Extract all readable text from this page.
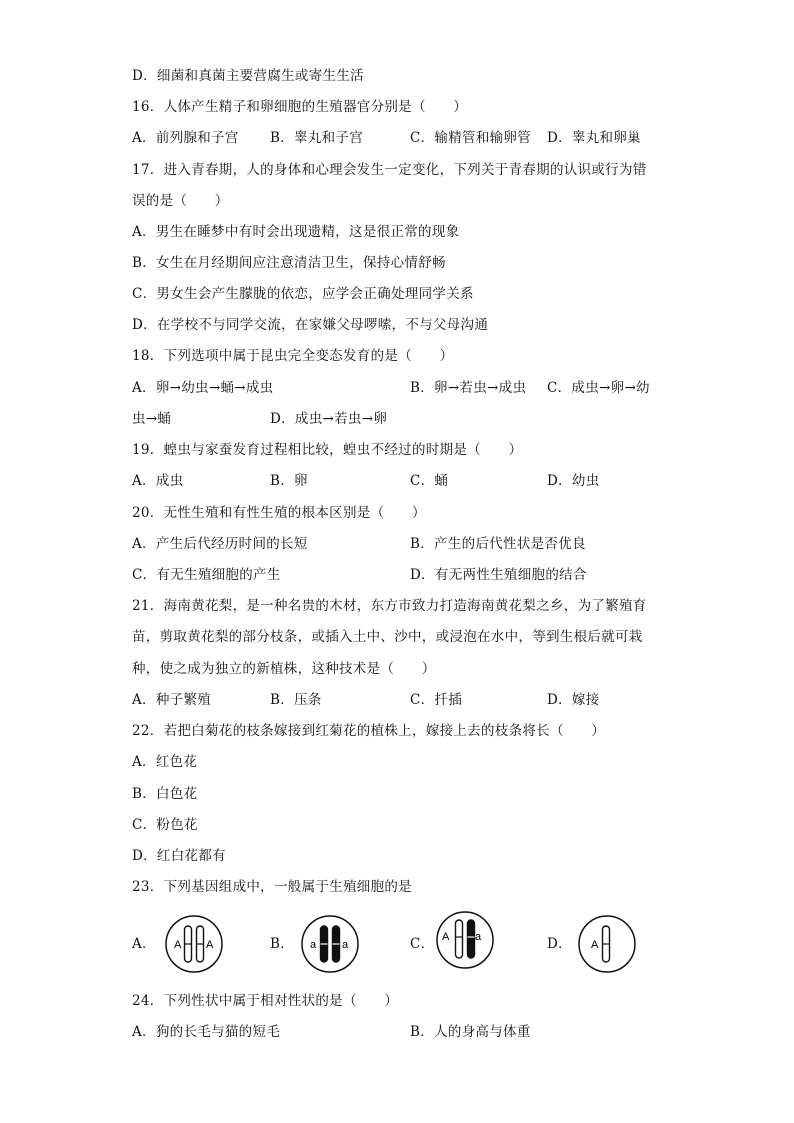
D．细菌和真菌主要营腐生或寄生生活
16．人体产生精子和卵细胞的生殖器官分别是（　　）
A．前列腺和子宫 B．睾丸和子宫	C．输精管和输卵管 D．睾丸和卵巢
17．进入青春期，人的身体和心理会发生一定变化，下列关于青春期的认识或行为错
误的是（　　）
A．男生在睡梦中有时会出现遗精，这是很正常的现象
B．女生在月经期间应注意清洁卫生，保持心情舒畅
C．男女生会产生朦胧的依恋，应学会正确处理同学关系
D．在学校不与同学交流，在家嫌父母啰嗦，不与父母沟通
18．下列选项中属于昆虫完全变态发育的是（　　）
A．卵→幼虫→蛹→成虫	B．卵→若虫→成虫 C．成虫→卵→幼
虫→蛹	D．成虫→若虫→卵
19．蝗虫与家蚕发育过程相比较，蝗虫不经过的时期是（　　）
A．成虫	B．卵	C．蛹	D．幼虫
20．无性生殖和有性生殖的根本区别是（　　）
A．产生后代经历时间的长短	B．产生的后代性状是否优良
C．有无生殖细胞的产生	D．有无两性生殖细胞的结合
21．海南黄花梨，是一种名贵的木材，东方市致力打造海南黄花梨之乡，为了繁殖育
苗，剪取黄花梨的部分枝条，或插入土中、沙中，或浸泡在水中，等到生根后就可栽
种，使之成为独立的新植株，这种技术是（　　）
A．种子繁殖	B．压条	C．扦插	D．嫁接
22．若把白菊花的枝条嫁接到红菊花的植株上，嫁接上去的枝条将长（　　）
A．红色花
B．白色花
C．粉色花
D．红白花都有
23．下列基因组成中，一般属于生殖细胞的是
A． A A	B． a a	C． A a	D． A
24．下列性状中属于相对性状的是（　　）
A．狗的长毛与猫的短毛	B．人的身高与体重
